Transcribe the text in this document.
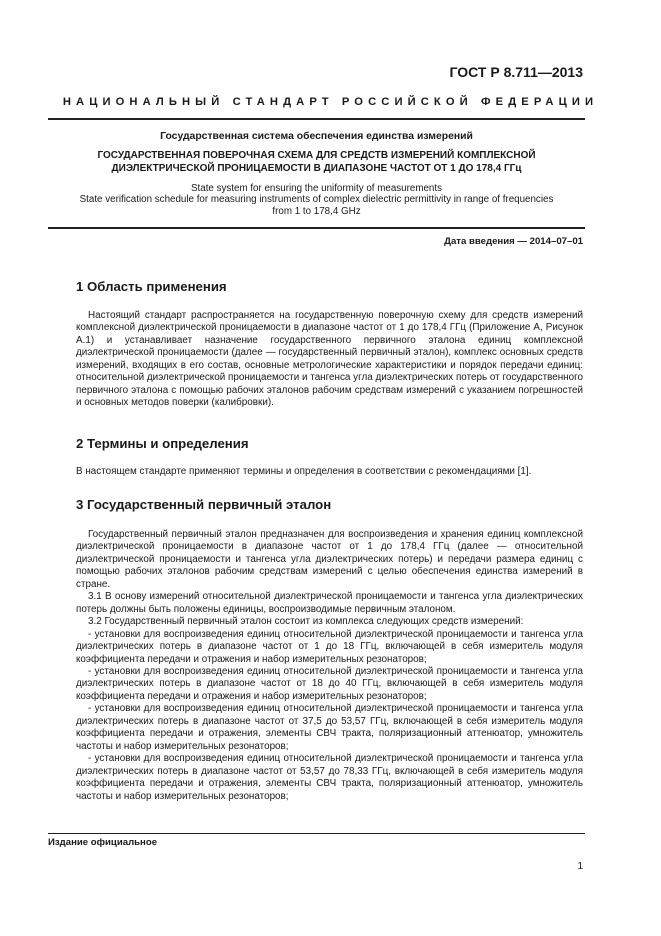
ГОСТ Р 8.711—2013
НАЦИОНАЛЬНЫЙ СТАНДАРТ РОССИЙСКОЙ ФЕДЕРАЦИИ
Государственная система обеспечения единства измерений
ГОСУДАРСТВЕННАЯ ПОВЕРОЧНАЯ СХЕМА ДЛЯ СРЕДСТВ ИЗМЕРЕНИЙ КОМПЛЕКСНОЙ
ДИЭЛЕКТРИЧЕСКОЙ ПРОНИЦАЕМОСТИ В ДИАПАЗОНЕ ЧАСТОТ ОТ 1 ДО 178,4 ГГц
State system for ensuring the uniformity of measurements
State verification schedule for measuring instruments of complex dielectric permittivity in range of frequencies
from 1 to 178,4 GHz
Дата введения — 2014–07–01
1 Область применения

Настоящий стандарт распространяется на государственную поверочную схему для средств измерений комплексной диэлектрической проницаемости в диапазоне частот от 1 до 178,4 ГГц (Приложение А, Рисунок А.1) и устанавливает назначение государственного первичного эталона единиц комплексной диэлектрической проницаемости (далее — государственный первичный эталон), комплекс основных средств измерений, входящих в его состав, основные метрологические характеристики и порядок передачи единиц: относительной диэлектрической проницаемости и тангенса угла диэлектрических потерь от государственного первичного эталона с помощью рабочих эталонов рабочим средствам измерений с указанием погрешностей и основных методов поверки (калибровки).

2 Термины и определения

В настоящем стандарте применяют термины и определения в соответствии с рекомендациями [1].

3 Государственный первичный эталон

Государственный первичный эталон предназначен для воспроизведения и хранения единиц комплексной диэлектрической проницаемости в диапазоне частот от 1 до 178,4 ГГц (далее — относительной диэлектрической проницаемости и тангенса угла диэлектрических потерь) и передачи размера единиц с помощью рабочих эталонов рабочим средствам измерений с целью обеспечения единства измерений в стране.

3.1 В основу измерений относительной диэлектрической проницаемости и тангенса угла диэлектрических потерь должны быть положены единицы, воспроизводимые первичным эталоном.

3.2 Государственный первичный эталон состоит из комплекса следующих средств измерений:

- установки для воспроизведения единиц относительной диэлектрической проницаемости и тангенса угла диэлектрических потерь в диапазоне частот от 1 до 18 ГГц, включающей в себя измеритель модуля коэффициента передачи и отражения и набор измерительных резонаторов;

- установки для воспроизведения единиц относительной диэлектрической проницаемости и тангенса угла диэлектрических потерь в диапазоне частот от 18 до 40 ГГц, включающей в себя измеритель модуля коэффициента передачи и отражения и набор измерительных резонаторов;

- установки для воспроизведения единиц относительной диэлектрической проницаемости и тангенса угла диэлектрических потерь в диапазоне частот от 37,5 до 53,57 ГГц, включающей в себя измеритель модуля коэффициента передачи и отражения, элементы СВЧ тракта, поляризационный аттенюатор, умножитель частоты и набор измерительных резонаторов;

- установки для воспроизведения единиц относительной диэлектрической проницаемости и тангенса угла диэлектрических потерь в диапазоне частот от 53,57 до 78,33 ГГц, включающей в себя измеритель модуля коэффициента передачи и отражения, элементы СВЧ тракта, поляризационный аттенюатор, умножитель частоты и набор измерительных резонаторов;

Издание официальное
1
